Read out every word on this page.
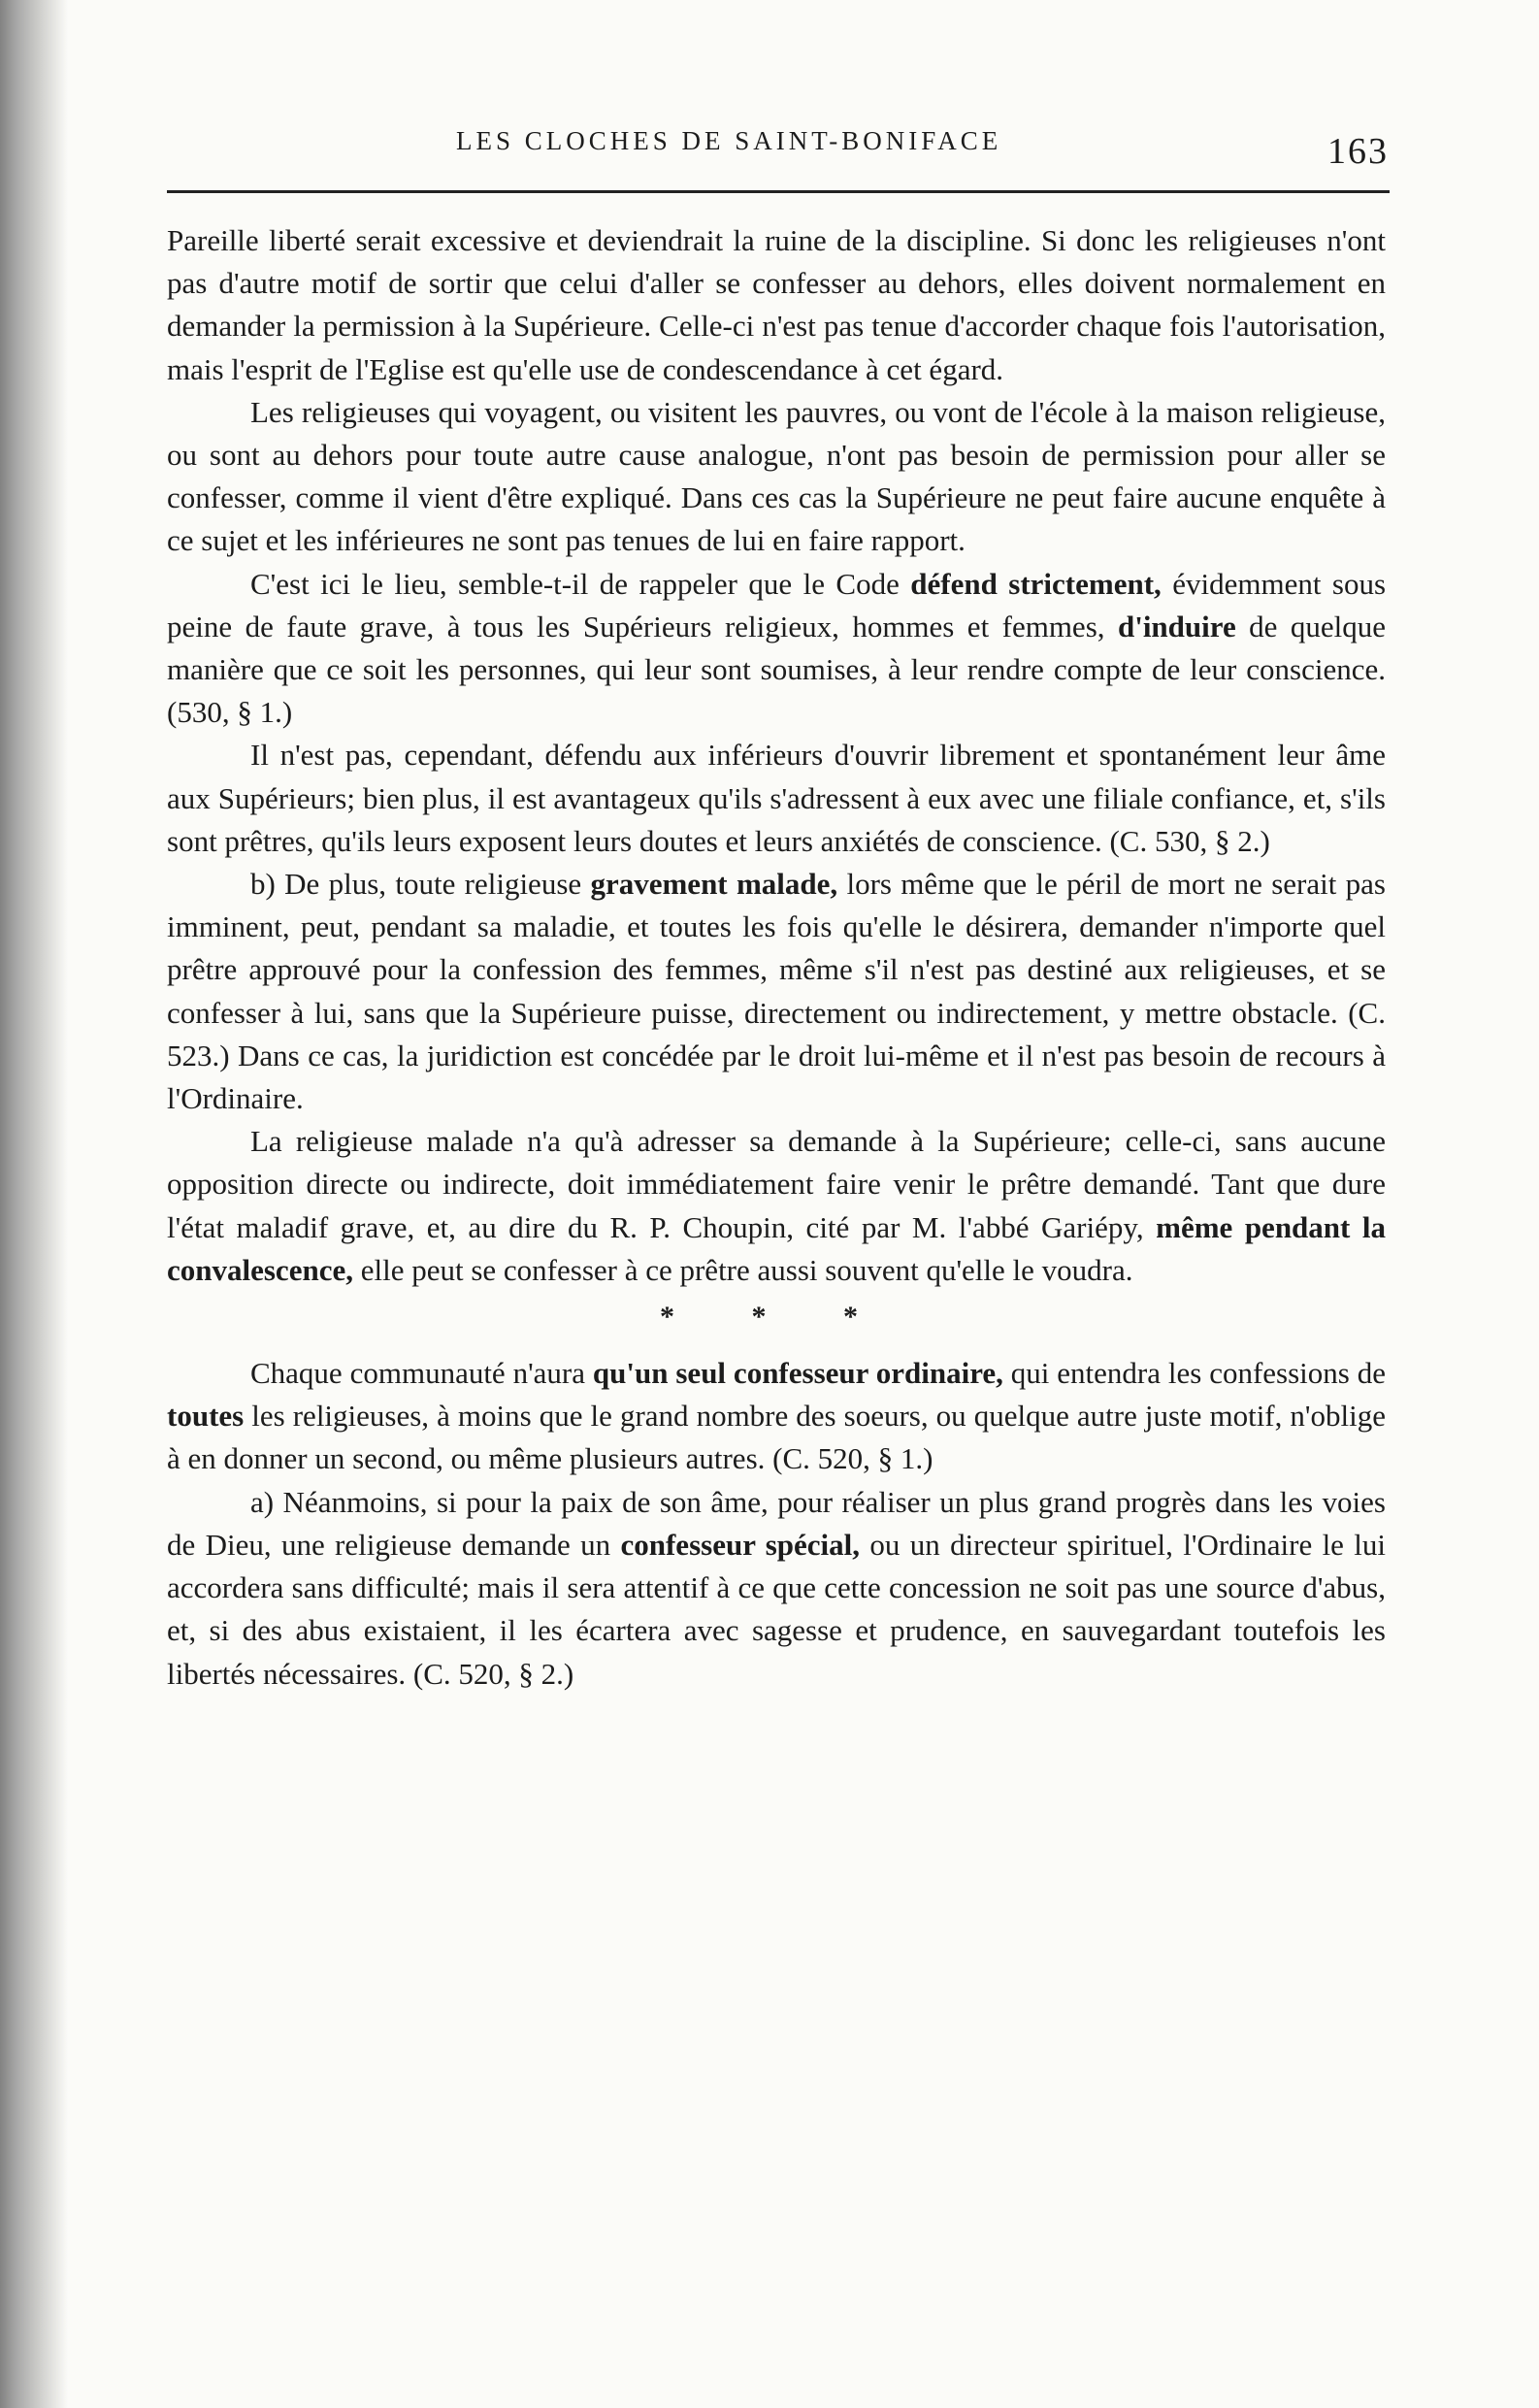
LES CLOCHES DE SAINT-BONIFACE	163

Pareille liberté serait excessive et deviendrait la ruine de la discipline. Si donc les religieuses n'ont pas d'autre motif de sortir que celui d'aller se confesser au dehors, elles doivent normalement en demander la permission à la Supérieure. Celle-ci n'est pas tenue d'accorder chaque fois l'autorisation, mais l'esprit de l'Eglise est qu'elle use de condescendance à cet égard.

Les religieuses qui voyagent, ou visitent les pauvres, ou vont de l'école à la maison religieuse, ou sont au dehors pour toute autre cause analogue, n'ont pas besoin de permission pour aller se confesser, comme il vient d'être expliqué. Dans ces cas la Supérieure ne peut faire aucune enquête à ce sujet et les inférieures ne sont pas tenues de lui en faire rapport.

C'est ici le lieu, semble-t-il de rappeler que le Code défend strictement, évidemment sous peine de faute grave, à tous les Supérieurs religieux, hommes et femmes, d'induire de quelque manière que ce soit les personnes, qui leur sont soumises, à leur rendre compte de leur conscience. (530, § 1.)

Il n'est pas, cependant, défendu aux inférieurs d'ouvrir librement et spontanément leur âme aux Supérieurs; bien plus, il est avantageux qu'ils s'adressent à eux avec une filiale confiance, et, s'ils sont prêtres, qu'ils leurs exposent leurs doutes et leurs anxiétés de conscience. (C. 530, § 2.)

b) De plus, toute religieuse gravement malade, lors même que le péril de mort ne serait pas imminent, peut, pendant sa maladie, et toutes les fois qu'elle le désirera, demander n'importe quel prêtre approuvé pour la confession des femmes, même s'il n'est pas destiné aux religieuses, et se confesser à lui, sans que la Supérieure puisse, directement ou indirectement, y mettre obstacle. (C. 523.) Dans ce cas, la juridiction est concédée par le droit lui-même et il n'est pas besoin de recours à l'Ordinaire.

La religieuse malade n'a qu'à adresser sa demande à la Supérieure; celle-ci, sans aucune opposition directe ou indirecte, doit immédiatement faire venir le prêtre demandé. Tant que dure l'état maladif grave, et, au dire du R. P. Choupin, cité par M. l'abbé Gariépy, même pendant la convalescence, elle peut se confesser à ce prêtre aussi souvent qu'elle le voudra.

* * *

Chaque communauté n'aura qu'un seul confesseur ordinaire, qui entendra les confessions de toutes les religieuses, à moins que le grand nombre des soeurs, ou quelque autre juste motif, n'oblige à en donner un second, ou même plusieurs autres. (C. 520, § 1.)

a) Néanmoins, si pour la paix de son âme, pour réaliser un plus grand progrès dans les voies de Dieu, une religieuse demande un confesseur spécial, ou un directeur spirituel, l'Ordinaire le lui accordera sans difficulté; mais il sera attentif à ce que cette concession ne soit pas une source d'abus, et, si des abus existaient, il les écartera avec sagesse et prudence, en sauvegardant toutefois les libertés nécessaires. (C. 520, § 2.)
